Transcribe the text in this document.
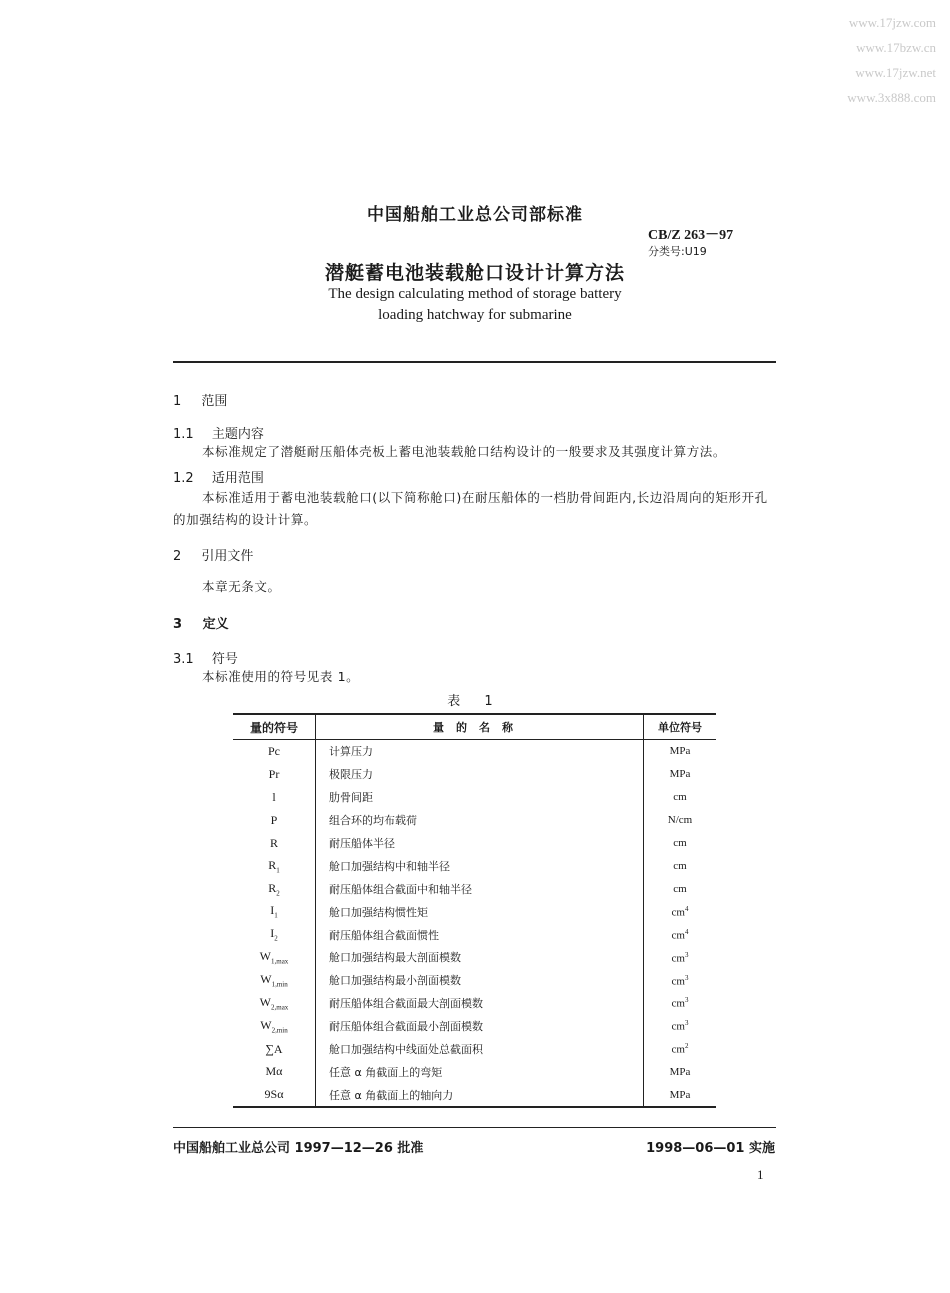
www.17jzw.com
www.17bzw.cn
www.17jzw.net
www.3x888.com
中国船舶工业总公司部标准
CB/Z 263－97
分类号:U19
潜艇蓄电池装载舱口设计计算方法
The design calculating method of storage battery
loading hatchway for submarine
1 范围
1.1 主题内容
本标准规定了潜艇耐压船体壳板上蓄电池装载舱口结构设计的一般要求及其强度计算方法。
1.2 适用范围
本标准适用于蓄电池装载舱口(以下简称舱口)在耐压船体的一档肋骨间距内,长边沿周向的矩形开孔的加强结构的设计计算。
2 引用文件
本章无条文。
3 定义
3.1 符号
本标准使用的符号见表 1。
表 1
量的符号	量的名称	单位符号
Pc	计算压力	MPa
Pr	极限压力	MPa
l	肋骨间距	cm
P	组合环的均布载荷	N/cm
R	耐压船体半径	cm
$R_1$	舱口加强结构中和轴半径	cm
$R_2$	耐压船体组合截面中和轴半径	cm
$I_1$	舱口加强结构惯性矩	$cm^4$
$I_2$	耐压船体组合截面惯性	$cm^4$
$W_{1,max}$	舱口加强结构最大剖面模数	$cm^3$
$W_{1,min}$	舱口加强结构最小剖面模数	$cm^3$
$W_{2,max}$	耐压船体组合截面最大剖面模数	$cm^3$
$W_{2,min}$	耐压船体组合截面最小剖面模数	$cm^3$
∑A	舱口加强结构中线面处总截面积	$cm^2$
Mα	任意 α 角截面上的弯矩	MPa
9Sα	任意 α 角截面上的轴向力	MPa
中国船舶工业总公司 1997—12—26 批准	1998—06—01 实施
1
